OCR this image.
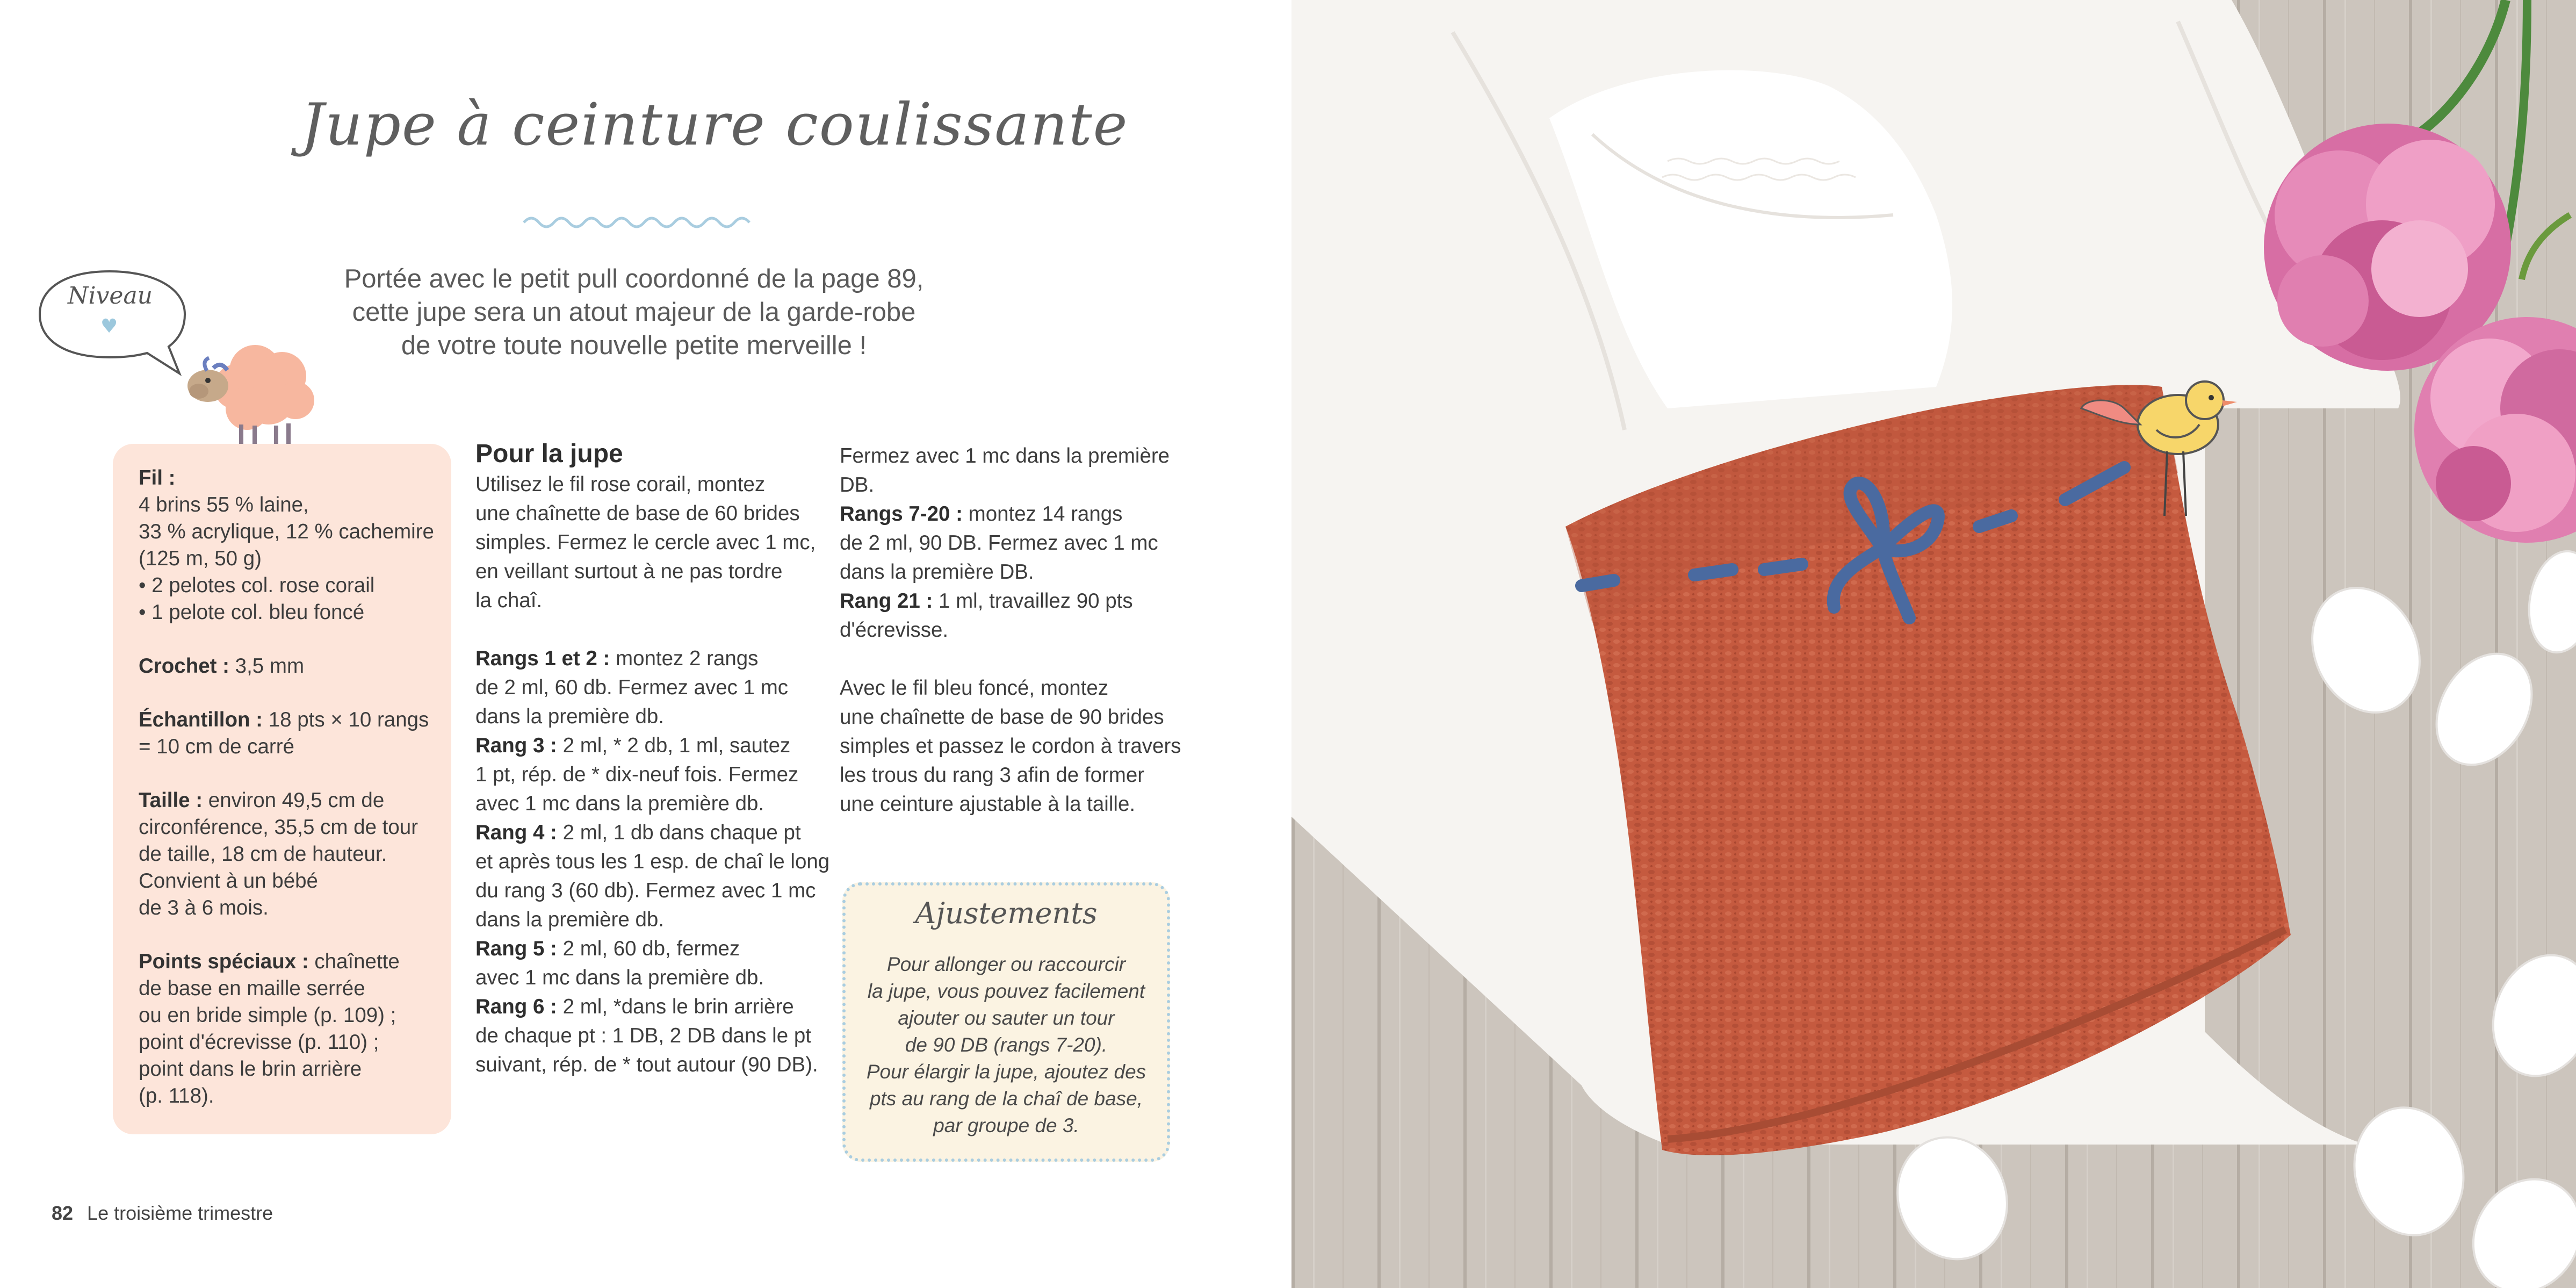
Jupe à ceinture coulissante
Portée avec le petit pull coordonné de la page 89,
cette jupe sera un atout majeur de la garde-robe
de votre toute nouvelle petite merveille !
Niveau
♥
Fil :
4 brins 55 % laine,
33 % acrylique, 12 % cachemire
(125 m, 50 g)
• 2 pelotes col. rose corail
• 1 pelote col. bleu foncé
Crochet : 3,5 mm
Échantillon : 18 pts × 10 rangs
= 10 cm de carré
Taille : environ 49,5 cm de
circonférence, 35,5 cm de tour
de taille, 18 cm de hauteur.
Convient à un bébé
de 3 à 6 mois.
Points spéciaux : chaînette
de base en maille serrée
ou en bride simple (p. 109) ;
point d'écrevisse (p. 110) ;
point dans le brin arrière
(p. 118).
Pour la jupe
Utilisez le fil rose corail, montez
une chaînette de base de 60 brides
simples. Fermez le cercle avec 1 mc,
en veillant surtout à ne pas tordre
la chaî.
Rangs 1 et 2 : montez 2 rangs
de 2 ml, 60 db. Fermez avec 1 mc
dans la première db.
Rang 3 : 2 ml, * 2 db, 1 ml, sautez
1 pt, rép. de * dix-neuf fois. Fermez
avec 1 mc dans la première db.
Rang 4 : 2 ml, 1 db dans chaque pt
et après tous les 1 esp. de chaî le long
du rang 3 (60 db). Fermez avec 1 mc
dans la première db.
Rang 5 : 2 ml, 60 db, fermez
avec 1 mc dans la première db.
Rang 6 : 2 ml, *dans le brin arrière
de chaque pt : 1 DB, 2 DB dans le pt
suivant, rép. de * tout autour (90 DB).
Fermez avec 1 mc dans la première
DB.
Rangs 7-20 : montez 14 rangs
de 2 ml, 90 DB. Fermez avec 1 mc
dans la première DB.
Rang 21 : 1 ml, travaillez 90 pts
d'écrevisse.
Avec le fil bleu foncé, montez
une chaînette de base de 90 brides
simples et passez le cordon à travers
les trous du rang 3 afin de former
une ceinture ajustable à la taille.
Ajustements
Pour allonger ou raccourcir
la jupe, vous pouvez facilement
ajouter ou sauter un tour
de 90 DB (rangs 7-20).
Pour élargir la jupe, ajoutez des
pts au rang de la chaî de base,
par groupe de 3.
82 Le troisième trimestre
